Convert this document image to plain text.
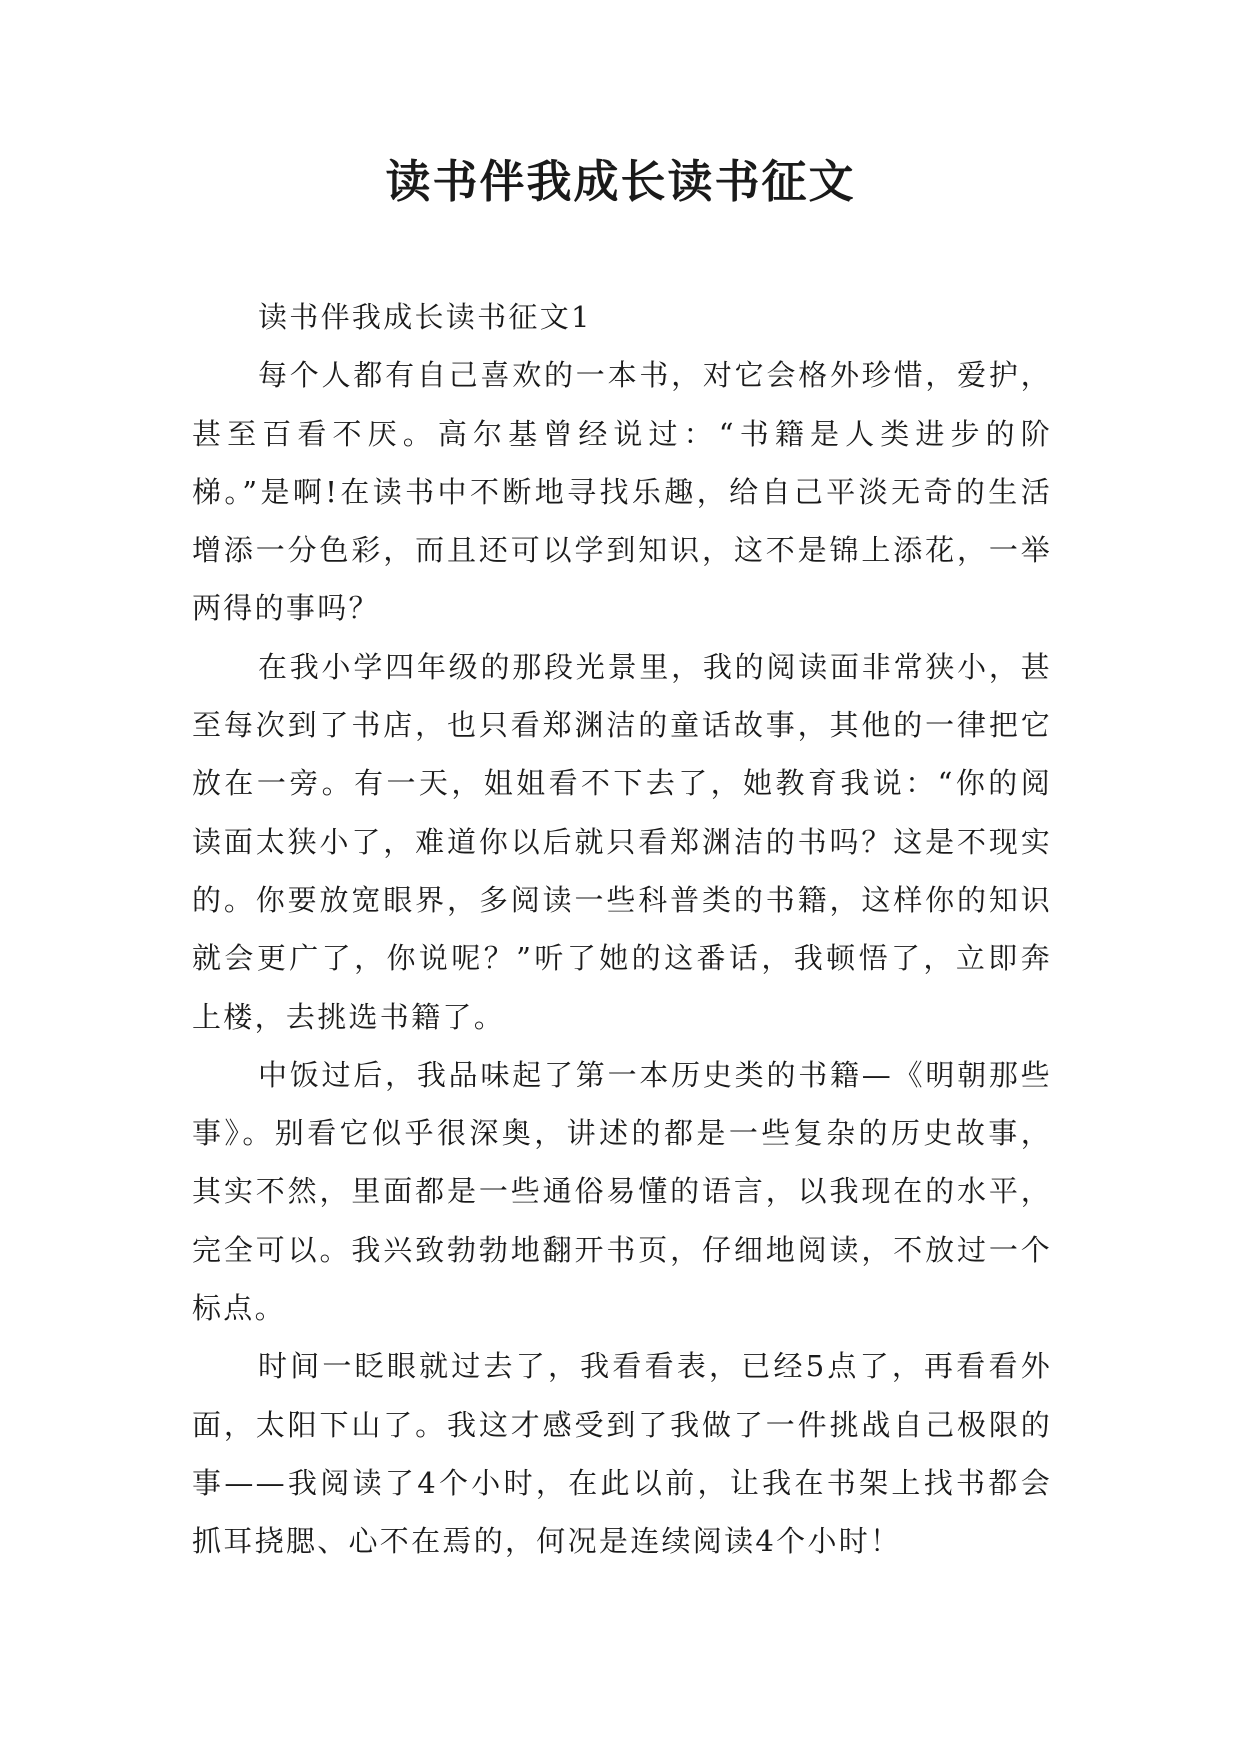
读书伴我成长读书征文

读书伴我成长读书征文1

每个人都有自己喜欢的一本书，对它会格外珍惜，爱护，甚至百看不厌。高尔基曾经说过：“书籍是人类进步的阶梯。”是啊!在读书中不断地寻找乐趣，给自己平淡无奇的生活增添一分色彩，而且还可以学到知识，这不是锦上添花，一举两得的事吗？

在我小学四年级的那段光景里，我的阅读面非常狭小，甚至每次到了书店，也只看郑渊洁的童话故事，其他的一律把它放在一旁。有一天，姐姐看不下去了，她教育我说：“你的阅读面太狭小了，难道你以后就只看郑渊洁的书吗？这是不现实的。你要放宽眼界，多阅读一些科普类的书籍，这样你的知识就会更广了，你说呢？”听了她的这番话，我顿悟了，立即奔上楼，去挑选书籍了。

中饭过后，我品味起了第一本历史类的书籍—《明朝那些事》。别看它似乎很深奥，讲述的都是一些复杂的历史故事，其实不然，里面都是一些通俗易懂的语言，以我现在的水平，完全可以。我兴致勃勃地翻开书页，仔细地阅读，不放过一个标点。

时间一眨眼就过去了，我看看表，已经5点了，再看看外面，太阳下山了。我这才感受到了我做了一件挑战自己极限的事——我阅读了4个小时，在此以前，让我在书架上找书都会抓耳挠腮、心不在焉的，何况是连续阅读4个小时！
